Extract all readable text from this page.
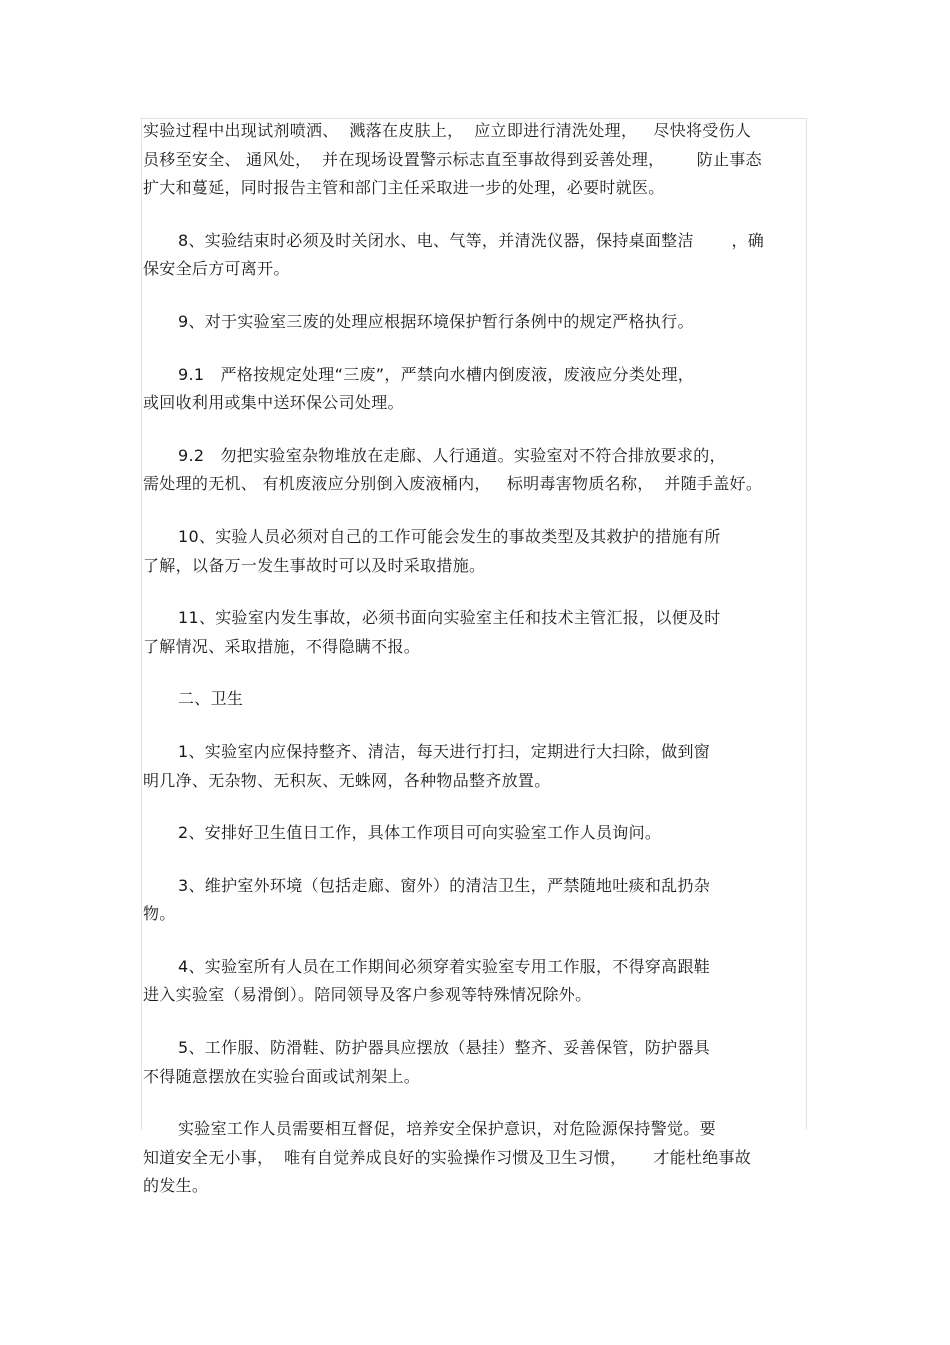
实验过程中出现试剂喷洒、  溅落在皮肤上，  应立即进行清洗处理，   尽快将受伤人
员移至安全、 通风处，  并在现场设置警示标志直至事故得到妥善处理，      防止事态
扩大和蔓延，同时报告主管和部门主任采取进一步的处理，必要时就医。

8、实验结束时必须及时关闭水、电、气等，并清洗仪器，保持桌面整洁       ，确
保安全后方可离开。

9、对于实验室三废的处理应根据环境保护暂行条例中的规定严格执行。

9.1   严格按规定处理“三废”，严禁向水槽内倒废液，废液应分类处理，
或回收利用或集中送环保公司处理。

9.2   勿把实验室杂物堆放在走廊、人行通道。实验室对不符合排放要求的，
需处理的无机、 有机废液应分别倒入废液桶内，   标明毒害物质名称，  并随手盖好。

10、实验人员必须对自己的工作可能会发生的事故类型及其救护的措施有所
了解，以备万一发生事故时可以及时采取措施。

11、实验室内发生事故，必须书面向实验室主任和技术主管汇报，以便及时
了解情况、采取措施，不得隐瞒不报。

二、卫生

1、实验室内应保持整齐、清洁，每天进行打扫，定期进行大扫除，做到窗
明几净、无杂物、无积灰、无蛛网，各种物品整齐放置。

2、安排好卫生值日工作，具体工作项目可向实验室工作人员询问。

3、维护室外环境（包括走廊、窗外）的清洁卫生，严禁随地吐痰和乱扔杂
物。

4、实验室所有人员在工作期间必须穿着实验室专用工作服，不得穿高跟鞋
进入实验室（易滑倒）。陪同领导及客户参观等特殊情况除外。

5、工作服、防滑鞋、防护器具应摆放（悬挂）整齐、妥善保管，防护器具
不得随意摆放在实验台面或试剂架上。

实验室工作人员需要相互督促，培养安全保护意识，对危险源保持警觉。要
知道安全无小事，  唯有自觉养成良好的实验操作习惯及卫生习惯，     才能杜绝事故
的发生。
